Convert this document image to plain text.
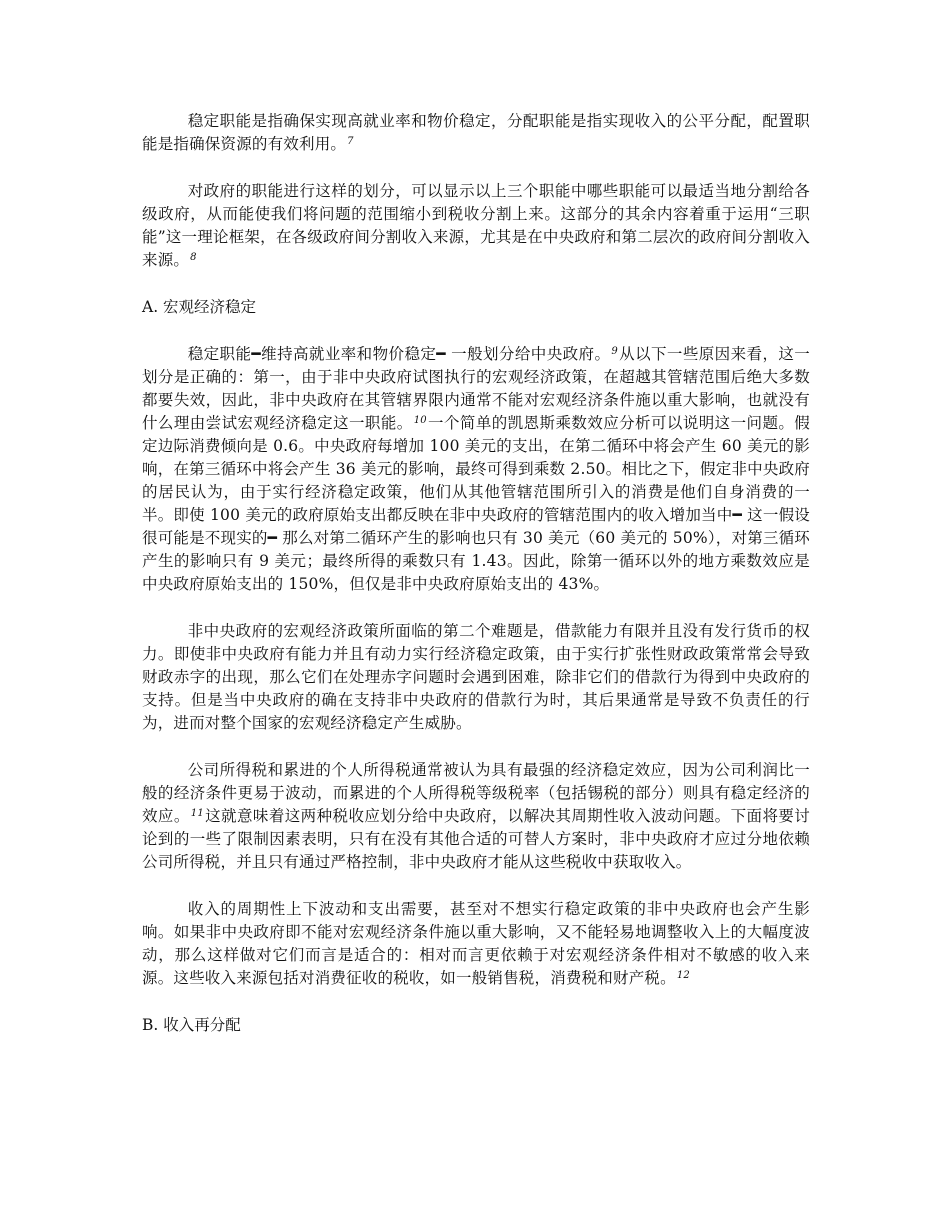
稳定职能是指确保实现高就业率和物价稳定，分配职能是指实现收入的公平分配，配置职能是指确保资源的有效利用。$^7$

对政府的职能进行这样的划分，可以显示以上三个职能中哪些职能可以最适当地分割给各级政府，从而能使我们将问题的范围缩小到税收分割上来。这部分的其余内容着重于运用“三职能”这一理论框架，在各级政府间分割收入来源，尤其是在中央政府和第二层次的政府间分割收入来源。$^8$

A. 宏观经济稳定

稳定职能━维持高就业率和物价稳定━ 一般划分给中央政府。$^9$从以下一些原因来看，这一划分是正确的：第一，由于非中央政府试图执行的宏观经济政策，在超越其管辖范围后绝大多数都要失效，因此，非中央政府在其管辖界限内通常不能对宏观经济条件施以重大影响，也就没有什么理由尝试宏观经济稳定这一职能。$^{10}$一个简单的凯恩斯乘数效应分析可以说明这一问题。假定边际消费倾向是 0.6。中央政府每增加 100 美元的支出，在第二循环中将会产生 60 美元的影响，在第三循环中将会产生 36 美元的影响，最终可得到乘数 2.50。相比之下，假定非中央政府的居民认为，由于实行经济稳定政策，他们从其他管辖范围所引入的消费是他们自身消费的一半。即使 100 美元的政府原始支出都反映在非中央政府的管辖范围内的收入增加当中━ 这一假设很可能是不现实的━ 那么对第二循环产生的影响也只有 30 美元（60 美元的 50%），对第三循环产生的影响只有 9 美元；最终所得的乘数只有 1.43。因此，除第一循环以外的地方乘数效应是中央政府原始支出的 150%，但仅是非中央政府原始支出的 43%。

非中央政府的宏观经济政策所面临的第二个难题是，借款能力有限并且没有发行货币的权力。即使非中央政府有能力并且有动力实行经济稳定政策，由于实行扩张性财政政策常常会导致财政赤字的出现，那么它们在处理赤字问题时会遇到困难，除非它们的借款行为得到中央政府的支持。但是当中央政府的确在支持非中央政府的借款行为时，其后果通常是导致不负责任的行为，进而对整个国家的宏观经济稳定产生威胁。

公司所得税和累进的个人所得税通常被认为具有最强的经济稳定效应，因为公司利润比一般的经济条件更易于波动，而累进的个人所得税等级税率（包括锡税的部分）则具有稳定经济的效应。$^{11}$这就意味着这两种税收应划分给中央政府，以解决其周期性收入波动问题。下面将要讨论到的一些了限制因素表明，只有在没有其他合适的可替人方案时，非中央政府才应过分地依赖公司所得税，并且只有通过严格控制，非中央政府才能从这些税收中获取收入。

收入的周期性上下波动和支出需要，甚至对不想实行稳定政策的非中央政府也会产生影响。如果非中央政府即不能对宏观经济条件施以重大影响，又不能轻易地调整收入上的大幅度波动，那么这样做对它们而言是适合的：相对而言更依赖于对宏观经济条件相对不敏感的收入来源。这些收入来源包括对消费征收的税收，如一般销售税，消费税和财产税。$^{12}$

B. 收入再分配
